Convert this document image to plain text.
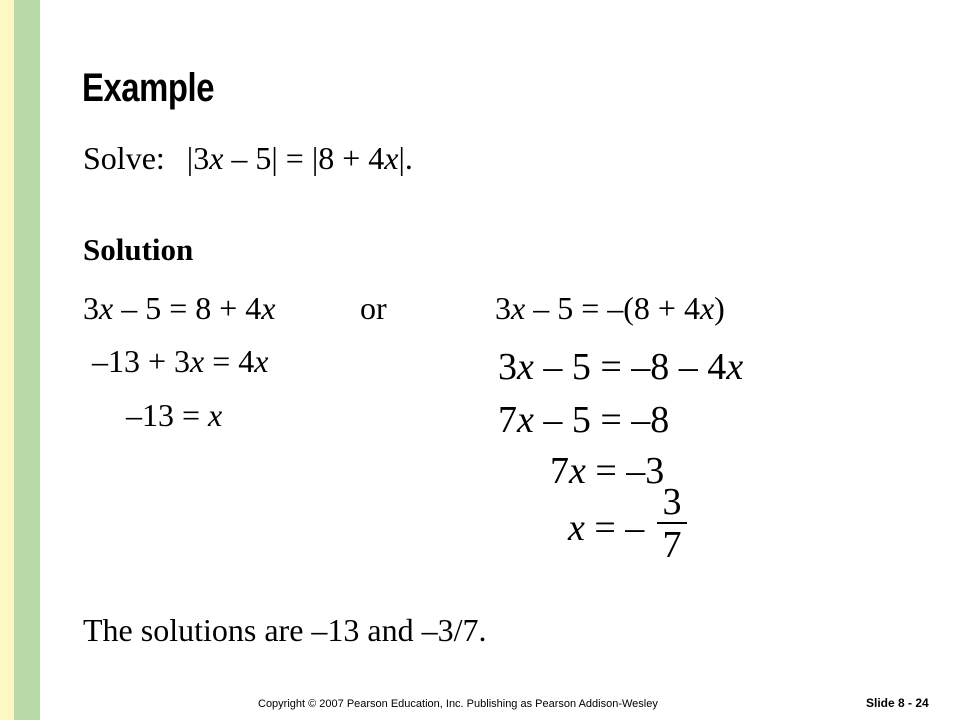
Example
Solve: |3x – 5| = |8 + 4x|.
Solution
3x – 5 = 8 + 4x	or	3x – 5 = –(8 + 4x)
–13 + 3x = 4x
–13 = x
3x – 5 = –8 – 4x
7x – 5 = –8
7x = –3
x = –
3
7
The solutions are –13 and –3/7.
Copyright © 2007 Pearson Education, Inc. Publishing as Pearson Addison-Wesley	Slide 8 - 24
